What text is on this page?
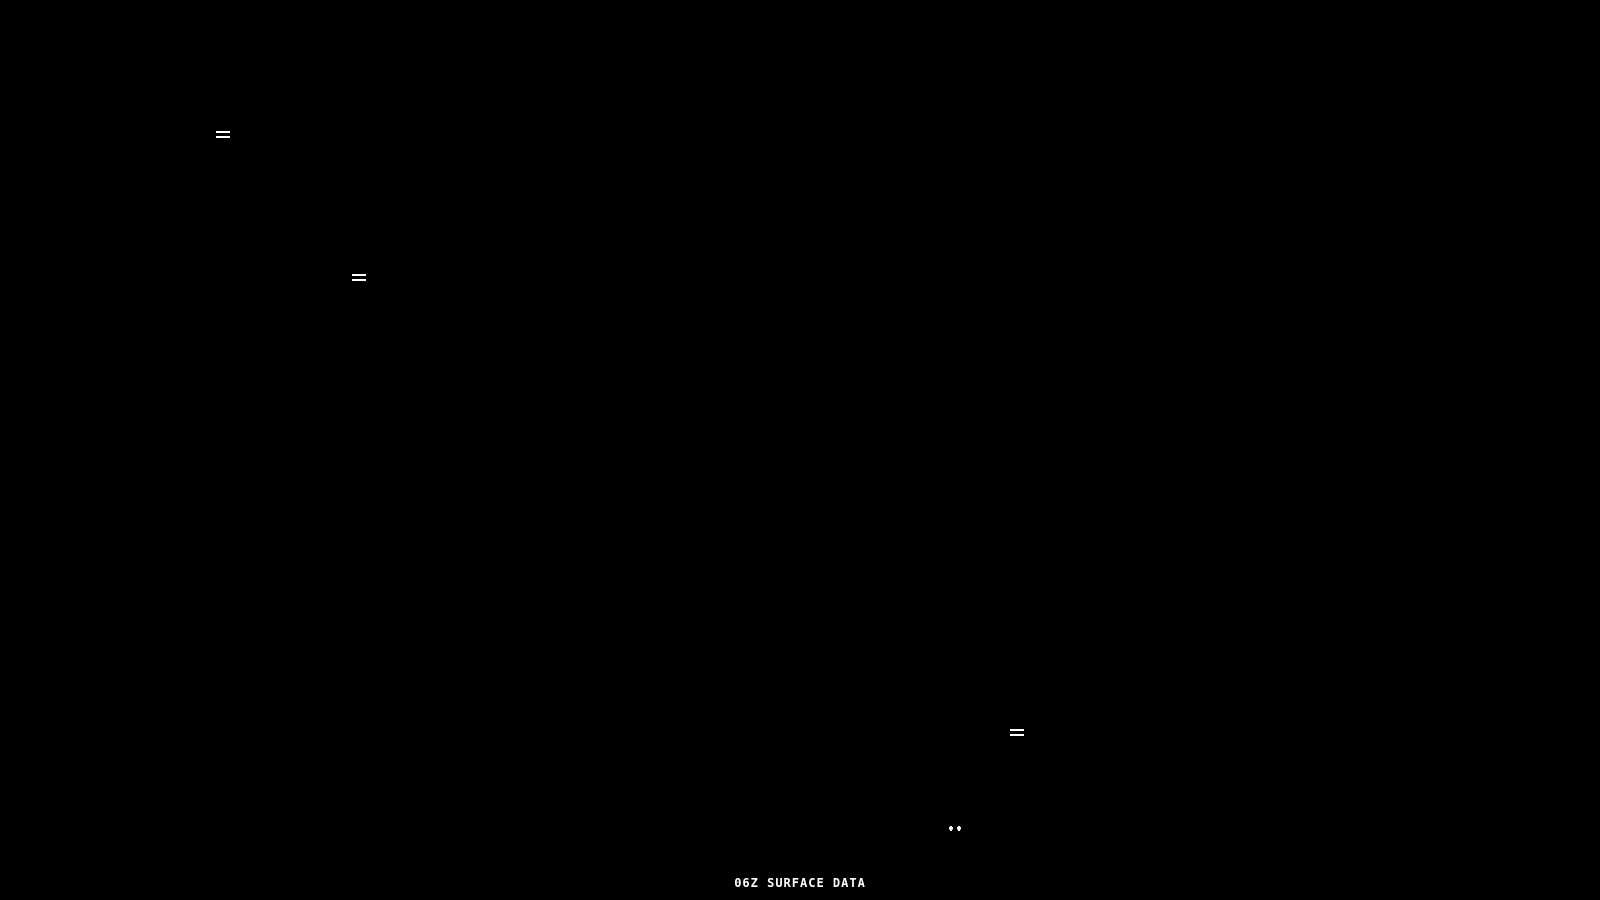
06Z SURFACE DATA
